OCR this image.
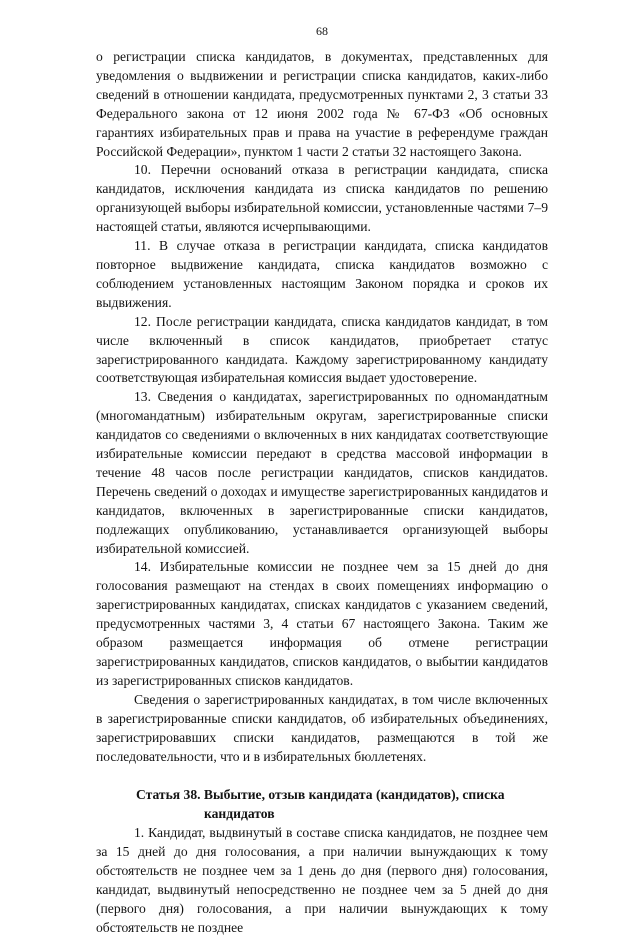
68

о регистрации списка кандидатов, в документах, представленных для уведомления о выдвижении и регистрации списка кандидатов, каких-либо сведений в отношении кандидата, предусмотренных пунктами 2, 3 статьи 33 Федерального закона от 12 июня 2002 года № 67-ФЗ «Об основных гарантиях избирательных прав и права на участие в референдуме граждан Российской Федерации», пунктом 1 части 2 статьи 32 настоящего Закона.

10. Перечни оснований отказа в регистрации кандидата, списка кандидатов, исключения кандидата из списка кандидатов по решению организующей выборы избирательной комиссии, установленные частями 7–9 настоящей статьи, являются исчерпывающими.

11. В случае отказа в регистрации кандидата, списка кандидатов повторное выдвижение кандидата, списка кандидатов возможно с соблюдением установленных настоящим Законом порядка и сроков их выдвижения.

12. После регистрации кандидата, списка кандидатов кандидат, в том числе включенный в список кандидатов, приобретает статус зарегистрированного кандидата. Каждому зарегистрированному кандидату соответствующая избирательная комиссия выдает удостоверение.

13. Сведения о кандидатах, зарегистрированных по одномандатным (многомандатным) избирательным округам, зарегистрированные списки кандидатов со сведениями о включенных в них кандидатах соответствующие избирательные комиссии передают в средства массовой информации в течение 48 часов после регистрации кандидатов, списков кандидатов. Перечень сведений о доходах и имуществе зарегистрированных кандидатов и кандидатов, включенных в зарегистрированные списки кандидатов, подлежащих опубликованию, устанавливается организующей выборы избирательной комиссией.

14. Избирательные комиссии не позднее чем за 15 дней до дня голосования размещают на стендах в своих помещениях информацию о зарегистрированных кандидатах, списках кандидатов с указанием сведений, предусмотренных частями 3, 4 статьи 67 настоящего Закона. Таким же образом размещается информация об отмене регистрации зарегистрированных кандидатов, списков кандидатов, о выбытии кандидатов из зарегистрированных списков кандидатов.

Сведения о зарегистрированных кандидатах, в том числе включенных в зарегистрированные списки кандидатов, об избирательных объединениях, зарегистрировавших списки кандидатов, размещаются в той же последовательности, что и в избирательных бюллетенях.

Статья 38. Выбытие, отзыв кандидата (кандидатов), списка
кандидатов

1. Кандидат, выдвинутый в составе списка кандидатов, не позднее чем за 15 дней до дня голосования, а при наличии вынуждающих к тому обстоятельств не позднее чем за 1 день до дня (первого дня) голосования, кандидат, выдвинутый непосредственно не позднее чем за 5 дней до дня (первого дня) голосования, а при наличии вынуждающих к тому обстоятельств не позднее
